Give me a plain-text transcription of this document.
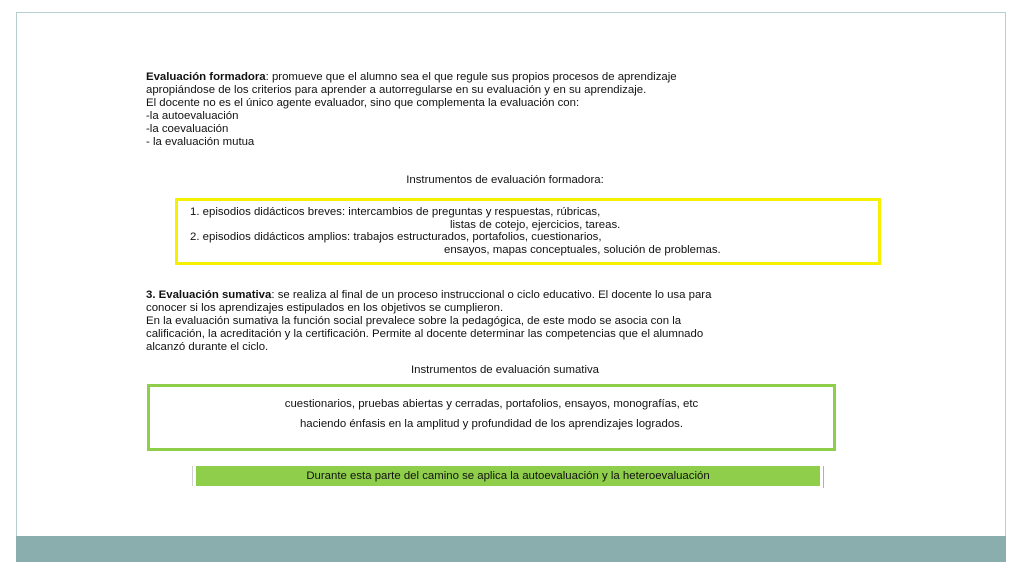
Evaluación formadora: promueve que el alumno sea el que regule sus propios procesos de aprendizaje
apropiándose de los criterios para aprender a autorregularse en su evaluación y en su aprendizaje.
El docente no es el único agente evaluador, sino que complementa la evaluación con:
-la autoevaluación
-la coevaluación
- la evaluación mutua
Instrumentos de evaluación formadora:
1. episodios didácticos breves: intercambios de preguntas y respuestas, rúbricas,
listas de cotejo, ejercicios, tareas.
2. episodios didácticos amplios: trabajos estructurados, portafolios, cuestionarios,
ensayos, mapas conceptuales, solución de problemas.
3. Evaluación sumativa: se realiza al final de un proceso instruccional o ciclo educativo. El docente lo usa para
conocer si los aprendizajes estipulados en los objetivos se cumplieron.
En la evaluación sumativa la función social prevalece sobre la pedagógica, de este modo se asocia con la
calificación, la acreditación y la certificación. Permite al docente determinar las competencias que el alumnado
alcanzó durante el ciclo.
Instrumentos de evaluación sumativa
cuestionarios, pruebas abiertas y cerradas, portafolios, ensayos, monografías, etc
haciendo énfasis en la amplitud y profundidad de los aprendizajes logrados.
Durante esta parte del camino se aplica la autoevaluación y la heteroevaluación
